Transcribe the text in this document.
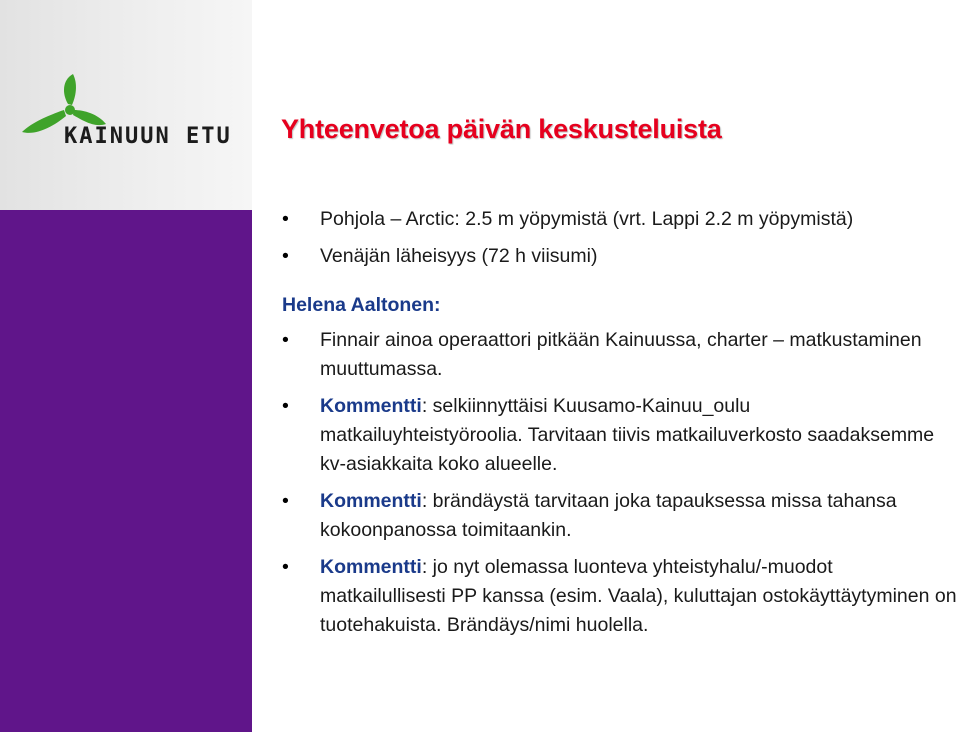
KAINUUN ETU Yhteenvetoa päivän keskusteluista
• Pohjola – Arctic: 2.5 m yöpymistä (vrt. Lappi 2.2 m yöpymistä)
• Venäjän läheisyys (72 h viisumi)
Helena Aaltonen:
• Finnair ainoa operaattori pitkään Kainuussa, charter – matkustaminen muuttumassa.
• Kommentti: selkiinnyttäisi Kuusamo-Kainuu_oulu matkailuyhteistyöroolia. Tarvitaan tiivis matkailuverkosto saadaksemme kv-asiakkaita koko alueelle.
• Kommentti: brändäystä tarvitaan joka tapauksessa missa tahansa kokoonpanossa toimitaankin.
• Kommentti: jo nyt olemassa luonteva yhteistyhalu/-muodot matkailullisesti PP kanssa (esim. Vaala), kuluttajan ostokäyttäytyminen on tuotehakuista. Brändäys/nimi huolella.
